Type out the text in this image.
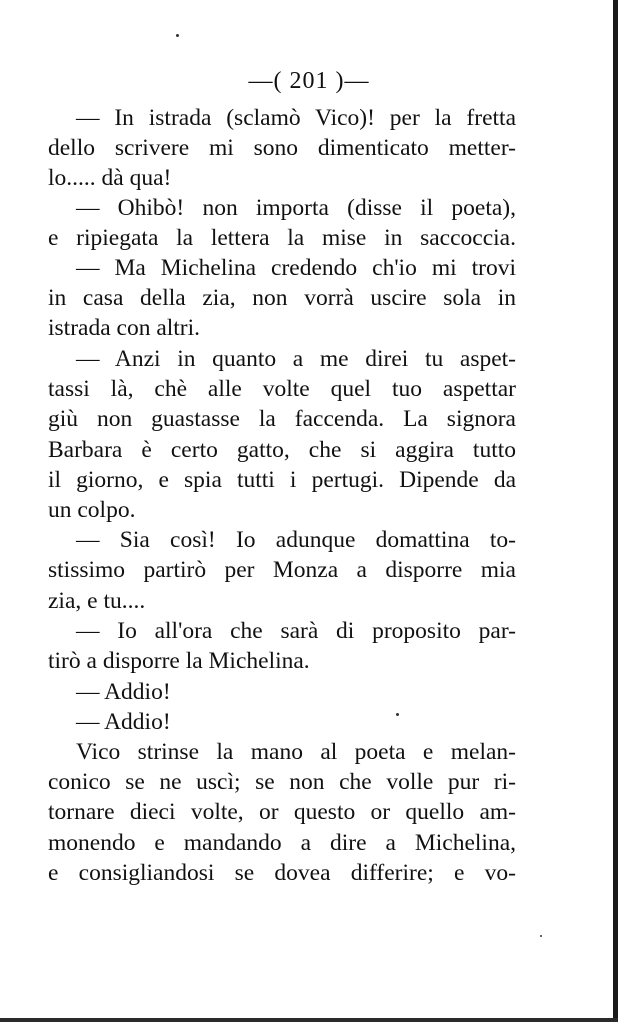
—( 201 )—
— In istrada (sclamò Vico)! per la fretta
dello scrivere mi sono dimenticato metter-
lo..... dà qua!
— Ohibò! non importa (disse il poeta),
e ripiegata la lettera la mise in saccoccia.
— Ma Michelina credendo ch'io mi trovi
in casa della zia, non vorrà uscire sola in
istrada con altri.
— Anzi in quanto a me direi tu aspet-
tassi là, chè alle volte quel tuo aspettar
giù non guastasse la faccenda. La signora
Barbara è certo gatto, che si aggira tutto
il giorno, e spia tutti i pertugi. Dipende da
un colpo.
— Sia così! Io adunque domattina to-
stissimo partirò per Monza a disporre mia
zia, e tu....
— Io all'ora che sarà di proposito par-
tirò a disporre la Michelina.
— Addio!
— Addio!
Vico strinse la mano al poeta e melan-
conico se ne uscì; se non che volle pur ri-
tornare dieci volte, or questo or quello am-
monendo e mandando a dire a Michelina,
e consigliandosi se dovea differire; e vo-
